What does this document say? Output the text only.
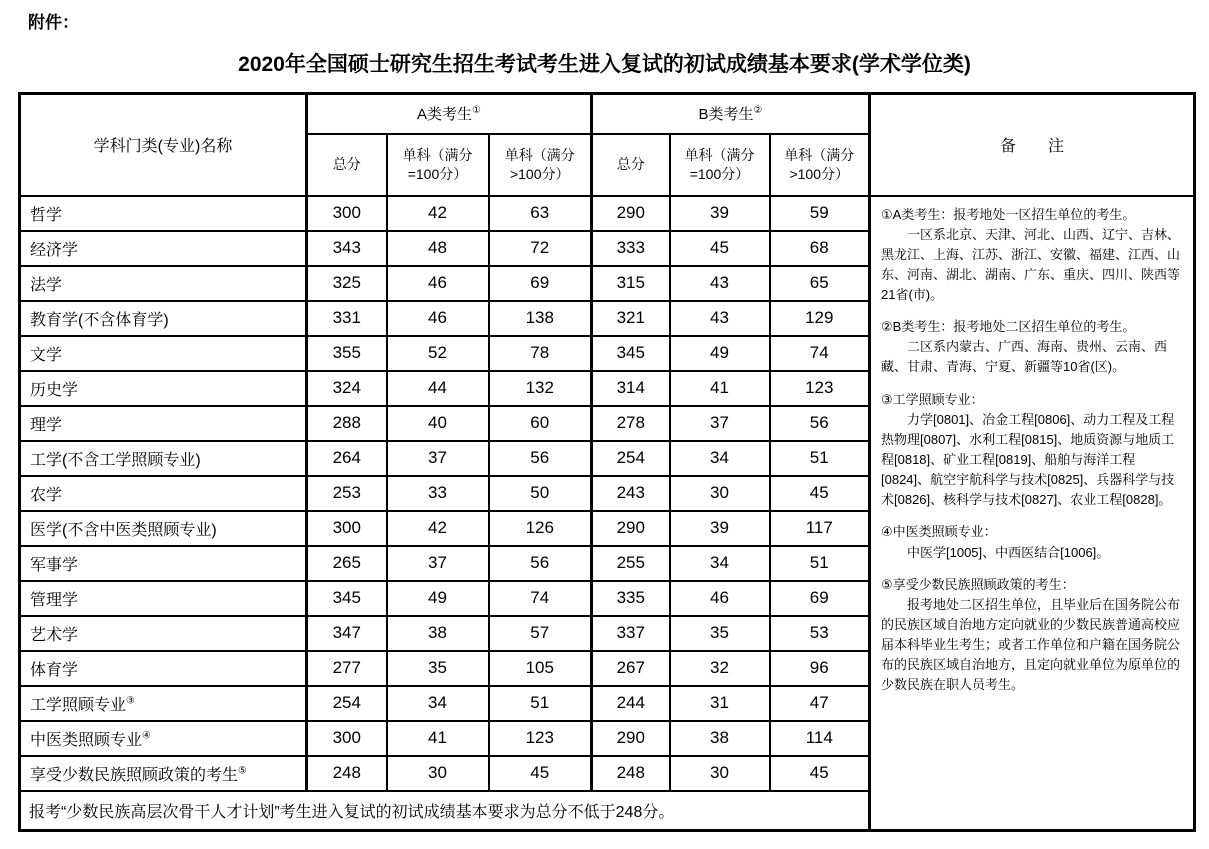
附件：
2020年全国硕士研究生招生考试考生进入复试的初试成绩基本要求(学术学位类)
学科门类(专业)名称	A类考生①			B类考生②			备　　注
	总分	单科（满分=100分）	单科（满分>100分）	总分	单科（满分=100分）	单科（满分>100分）	
哲学	300	42	63	290	39	59	①A类考生：报考地处一区招生单位的考生。

一区系北京、天津、河北、山西、辽宁、吉林、黑龙江、上海、江苏、浙江、安徽、福建、江西、山东、河南、湖北、湖南、广东、重庆、四川、陕西等21省(市)。

②B类考生：报考地处二区招生单位的考生。

二区系内蒙古、广西、海南、贵州、云南、西藏、甘肃、青海、宁夏、新疆等10省(区)。

③工学照顾专业：

力学[0801]、冶金工程[0806]、动力工程及工程热物理[0807]、水利工程[0815]、地质资源与地质工程[0818]、矿业工程[0819]、船舶与海洋工程[0824]、航空宇航科学与技术[0825]、兵器科学与技术[0826]、核科学与技术[0827]、农业工程[0828]。

④中医类照顾专业：

中医学[1005]、中西医结合[1006]。

⑤享受少数民族照顾政策的考生：

报考地处二区招生单位，且毕业后在国务院公布的民族区域自治地方定向就业的少数民族普通高校应届本科毕业生考生；或者工作单位和户籍在国务院公布的民族区域自治地方，且定向就业单位为原单位的少数民族在职人员考生。

经济学	343	48	72	333	45	68	
法学	325	46	69	315	43	65	
教育学(不含体育学)	331	46	138	321	43	129	
文学	355	52	78	345	49	74	
历史学	324	44	132	314	41	123	
理学	288	40	60	278	37	56	
工学(不含工学照顾专业)	264	37	56	254	34	51	
农学	253	33	50	243	30	45	
医学(不含中医类照顾专业)	300	42	126	290	39	117	
军事学	265	37	56	255	34	51	
管理学	345	49	74	335	46	69	
艺术学	347	38	57	337	35	53	
体育学	277	35	105	267	32	96	
工学照顾专业③	254	34	51	244	31	47	
中医类照顾专业④	300	41	123	290	38	114	
享受少数民族照顾政策的考生⑤	248	30	45	248	30	45	
报考“少数民族高层次骨干人才计划”考生进入复试的初试成绩基本要求为总分不低于248分。							
